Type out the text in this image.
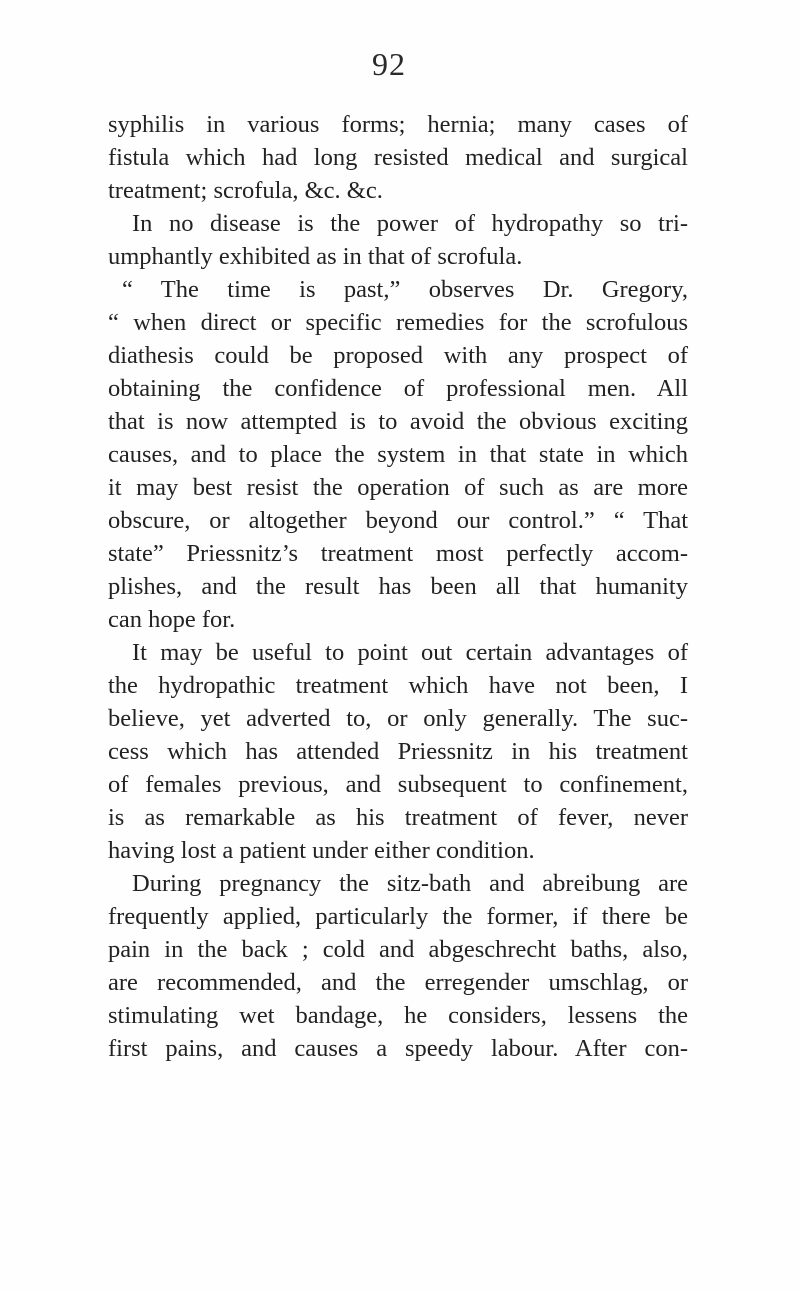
92
syphilis in various forms; hernia; many cases of
fistula which had long resisted medical and surgical
treatment; scrofula, &c. &c.
In no disease is the power of hydropathy so tri-
umphantly exhibited as in that of scrofula.
“ The time is past,” observes Dr. Gregory,
“ when direct or specific remedies for the scrofulous
diathesis could be proposed with any prospect of
obtaining the confidence of professional men. All
that is now attempted is to avoid the obvious exciting
causes, and to place the system in that state in which
it may best resist the operation of such as are more
obscure, or altogether beyond our control.” “ That
state” Priessnitz’s treatment most perfectly accom-
plishes, and the result has been all that humanity
can hope for.
It may be useful to point out certain advantages of
the hydropathic treatment which have not been, I
believe, yet adverted to, or only generally. The suc-
cess which has attended Priessnitz in his treatment
of females previous, and subsequent to confinement,
is as remarkable as his treatment of fever, never
having lost a patient under either condition.
During pregnancy the sitz-bath and abreibung are
frequently applied, particularly the former, if there be
pain in the back ; cold and abgeschrecht baths, also,
are recommended, and the erregender umschlag, or
stimulating wet bandage, he considers, lessens the
first pains, and causes a speedy labour. After con-
